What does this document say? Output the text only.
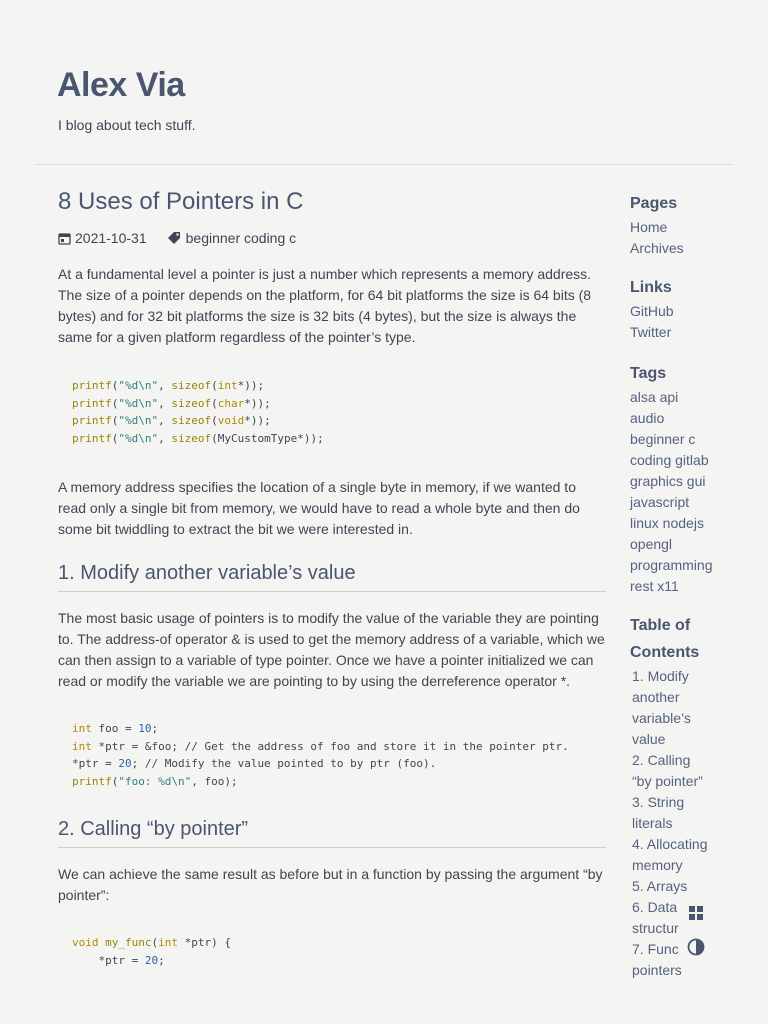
Alex Via
I blog about tech stuff.
8 Uses of Pointers in C
2021-10-31	beginner coding c

At a fundamental level a pointer is just a number which represents a memory address. The size of a pointer depends on the platform, for 64 bit platforms the size is 64 bits (8 bytes) and for 32 bit platforms the size is 32 bits (4 bytes), but the size is always the same for a given platform regardless of the pointer’s type.

printf("%d\n", sizeof(int*));
printf("%d\n", sizeof(char*));
printf("%d\n", sizeof(void*));
printf("%d\n", sizeof(MyCustomType*));

A memory address specifies the location of a single byte in memory, if we wanted to read only a single bit from memory, we would have to read a whole byte and then do some bit twiddling to extract the bit we were interested in.

1. Modify another variable’s value

The most basic usage of pointers is to modify the value of the variable they are pointing to. The address-of operator & is used to get the memory address of a variable, which we can then assign to a variable of type pointer. Once we have a pointer initialized we can read or modify the variable we are pointing to by using the derreference operator *.

int foo = 10;
int *ptr = &foo; // Get the address of foo and store it in the pointer ptr.
*ptr = 20; // Modify the value pointed to by ptr (foo).
printf("foo: %d\n", foo);
2. Calling “by pointer”

We can achieve the same result as before but in a function by passing the argument “by pointer”:

void my_func(int *ptr) {
*ptr = 20;
Pages
Home
Archives
Links
GitHub
Twitter
Tags
alsa api
audio
beginner c
coding gitlab
graphics gui
javascript
linux nodejs
opengl
programming
rest x11
Table of
Contents
1. Modify
another
variable’s
value
2. Calling
“by pointer”
3. String
literals
4. Allocating
memory
5. Arrays
6. Data
structur
7. Func
pointers
